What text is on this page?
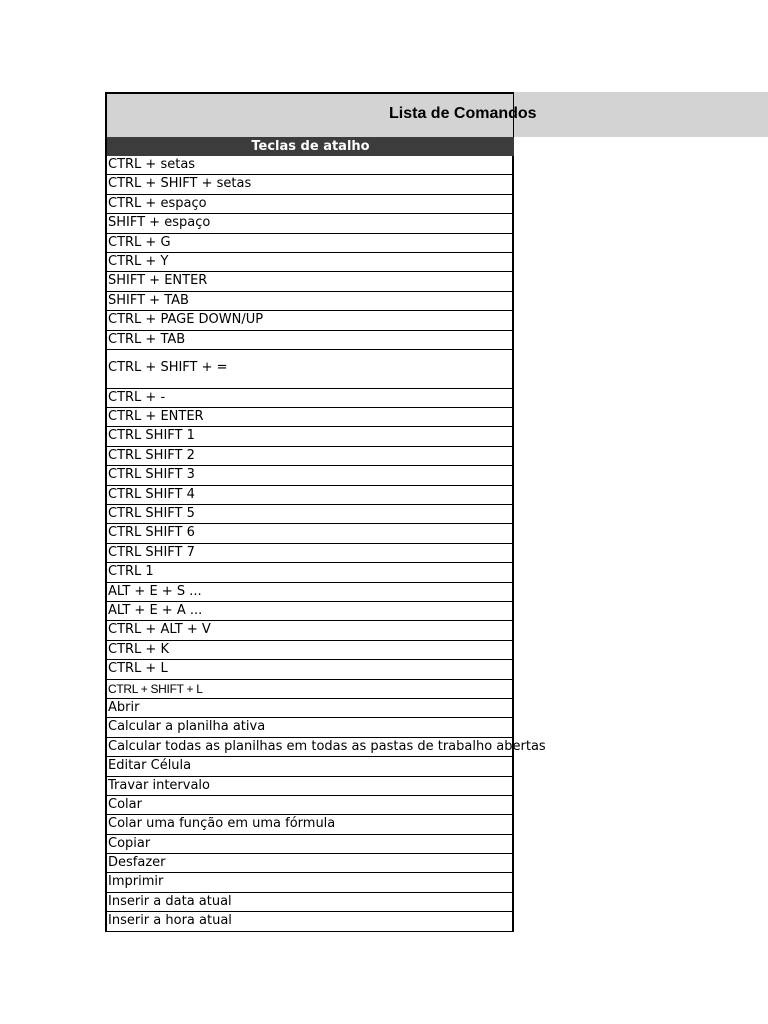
Lista de Comandos
Teclas de atalho
CTRL + setas
CTRL + SHIFT + setas
CTRL + espaço
SHIFT + espaço
CTRL + G
CTRL + Y
SHIFT + ENTER
SHIFT + TAB
CTRL + PAGE DOWN/UP
CTRL + TAB
CTRL + SHIFT + =
CTRL + -
CTRL + ENTER
CTRL SHIFT 1
CTRL SHIFT 2
CTRL SHIFT 3
CTRL SHIFT 4
CTRL SHIFT 5
CTRL SHIFT 6
CTRL SHIFT 7
CTRL 1
ALT + E + S ...
ALT + E + A ...
CTRL + ALT + V
CTRL + K
CTRL + L
CTRL + SHIFT + L
Abrir
Calcular a planilha ativa
Calcular todas as planilhas em todas as pastas de trabalho abertas
Editar Célula
Travar intervalo
Colar
Colar uma função em uma fórmula
Copiar
Desfazer
Imprimir
Inserir a data atual
Inserir a hora atual
